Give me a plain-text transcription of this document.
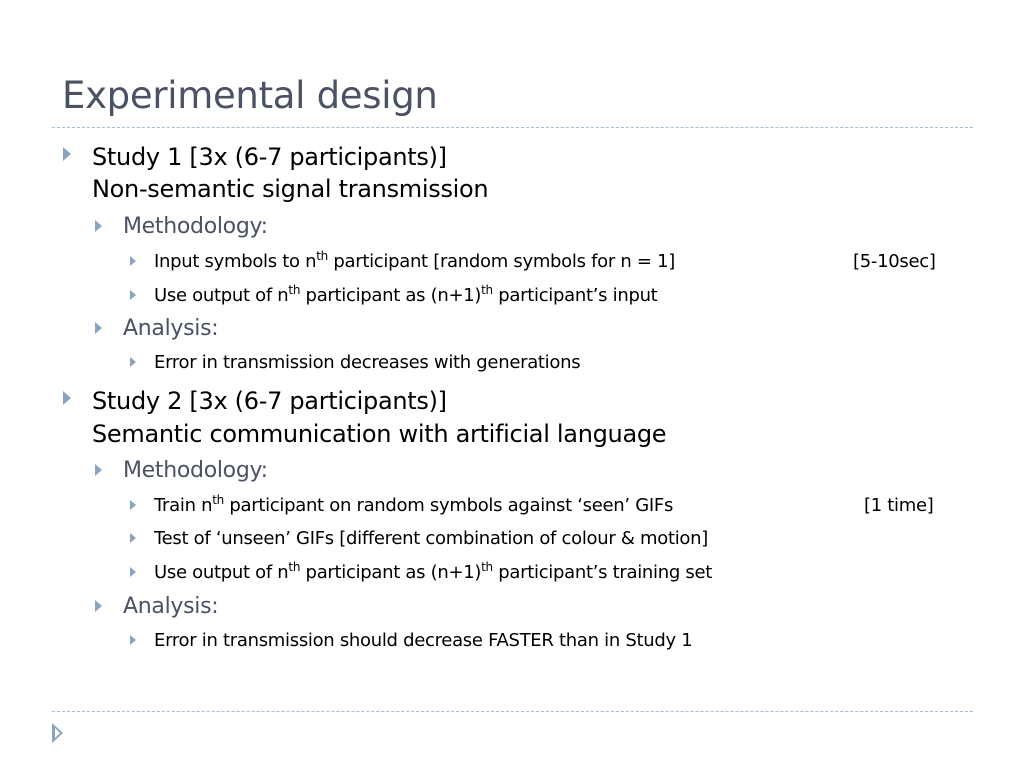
Experimental design
Study 1 [3x (6-7 participants)]
Non-semantic signal transmission
Methodology:
Input symbols to $n^{th}$ participant [random symbols for n = 1]	[5-10sec]
Use output of $n^{th}$ participant as $(n+1)^{th}$ participant’s input
Analysis:
Error in transmission decreases with generations
Study 2 [3x (6-7 participants)]
Semantic communication with artificial language
Methodology:
Train $n^{th}$ participant on random symbols against ‘seen’ GIFs	[1 time]
Test of ‘unseen’ GIFs [different combination of colour & motion]
Use output of $n^{th}$ participant as $(n+1)^{th}$ participant’s training set
Analysis:
Error in transmission should decrease FASTER than in Study 1
